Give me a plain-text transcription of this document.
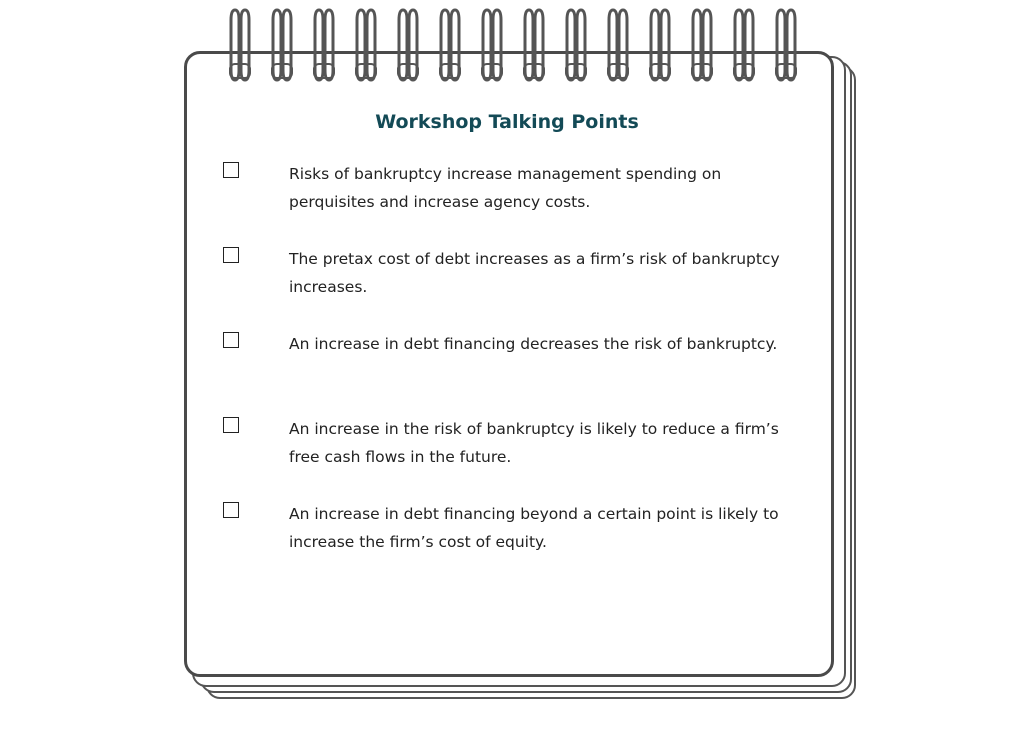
Workshop Talking Points
Risks of bankruptcy increase management spending on perquisites and increase agency costs.
The pretax cost of debt increases as a firm’s risk of bankruptcy increases.
An increase in debt financing decreases the risk of bankruptcy.
An increase in the risk of bankruptcy is likely to reduce a firm’s free cash flows in the future.
An increase in debt financing beyond a certain point is likely to increase the firm’s cost of equity.
